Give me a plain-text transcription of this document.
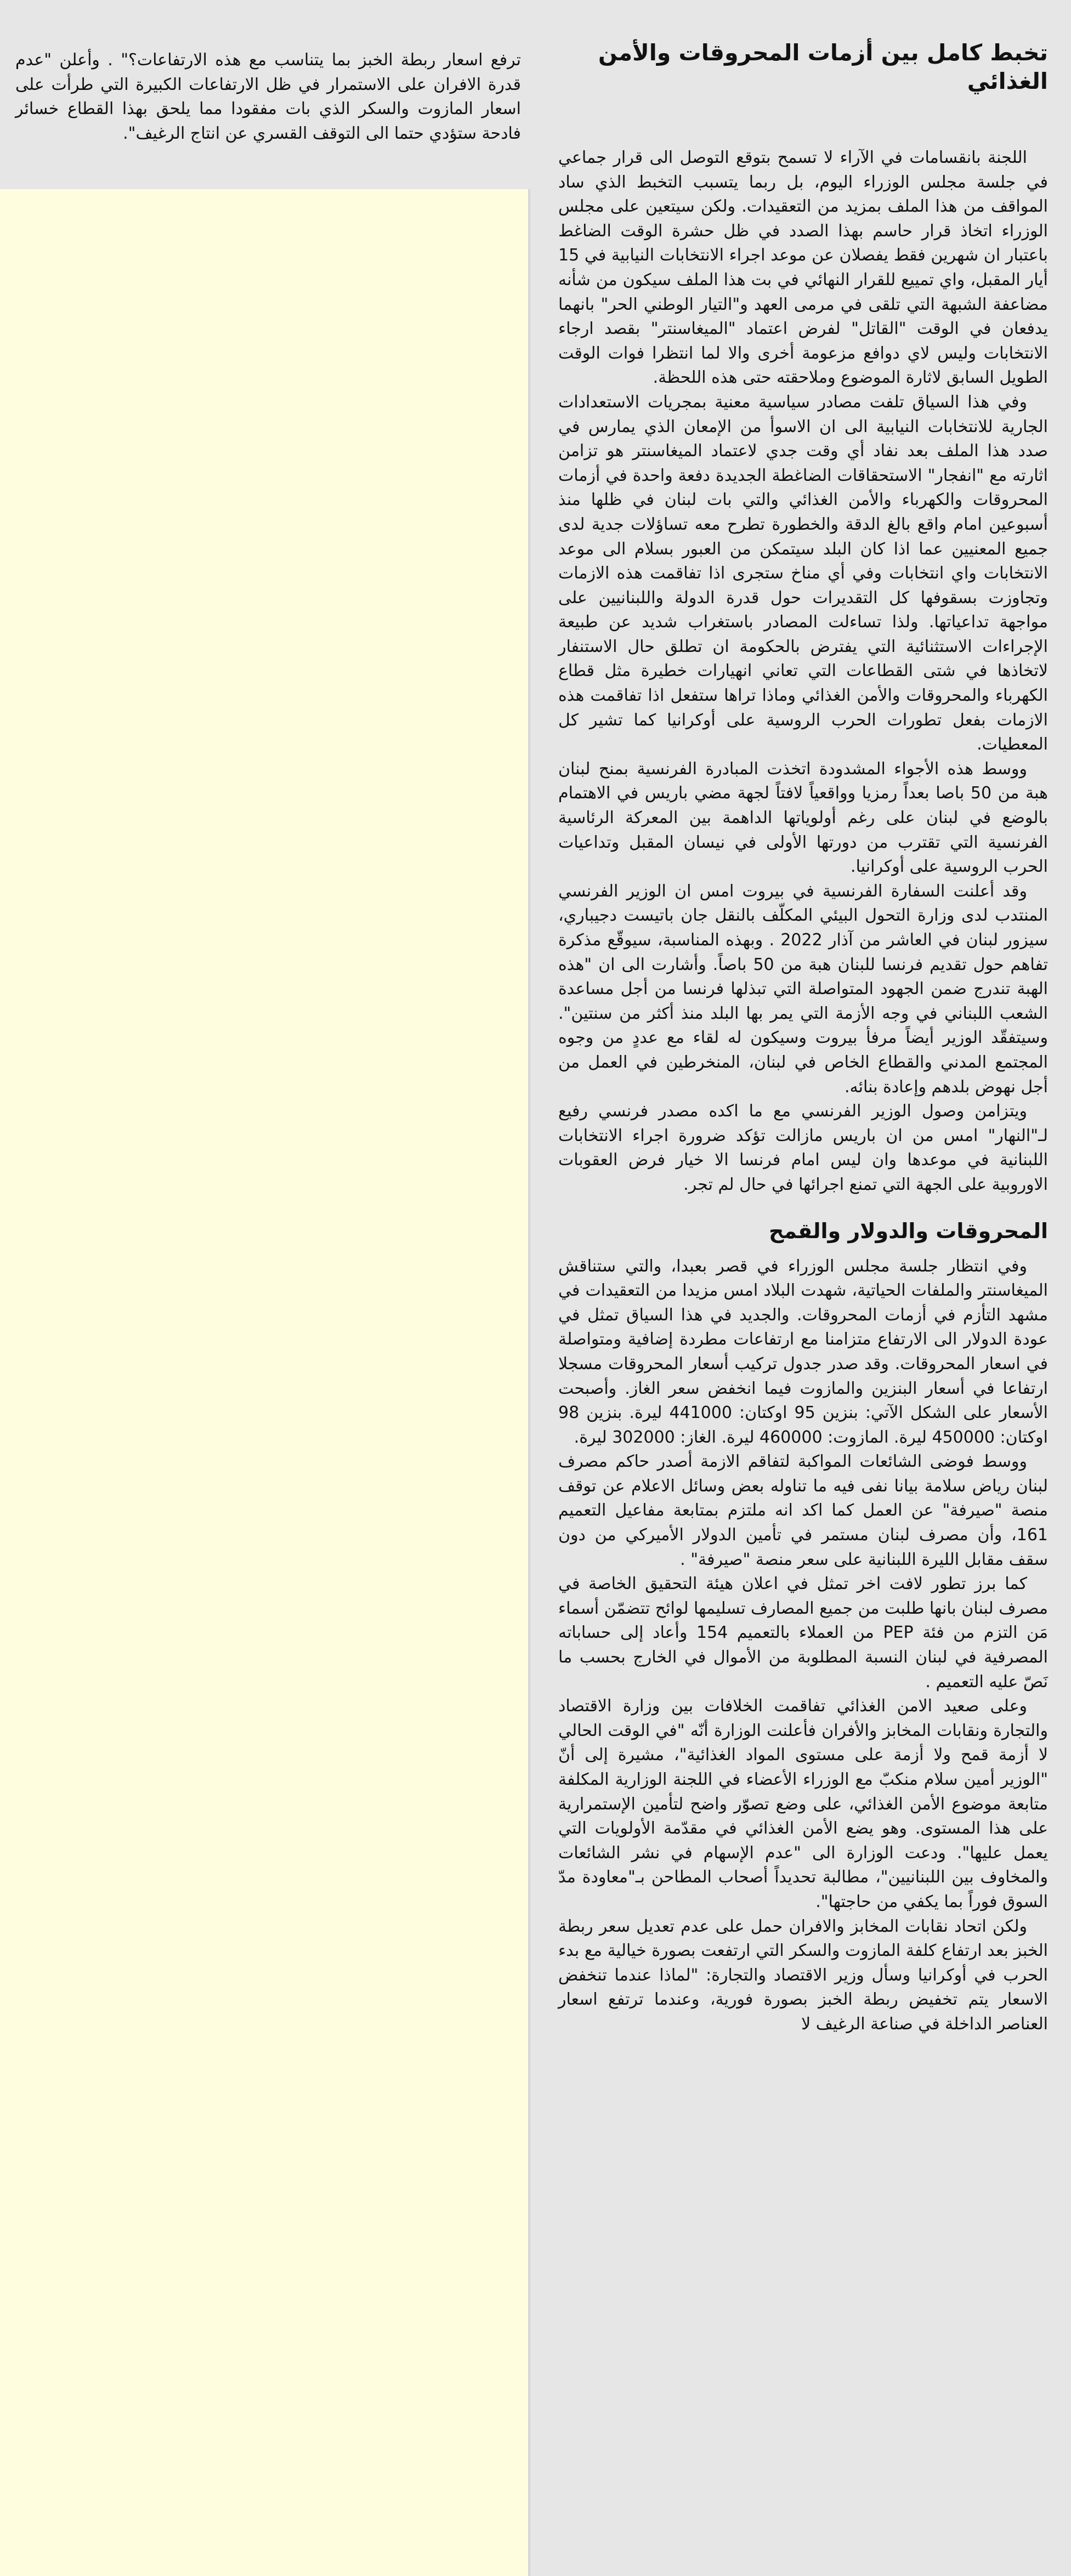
تخبط كامل بين أزمات المحروقات والأمن الغذائي

اللجنة بانقسامات في الآراء لا تسمح بتوقع التوصل الى قرار جماعي في جلسة مجلس الوزراء اليوم، بل ربما يتسبب التخبط الذي ساد المواقف من هذا الملف بمزيد من التعقيدات. ولكن سيتعين على مجلس الوزراء اتخاذ قرار حاسم بهذا الصدد في ظل حشرة الوقت الضاغط باعتبار ان شهرين فقط يفصلان عن موعد اجراء الانتخابات النيابية في 15 أيار المقبل، واي تمييع للقرار النهائي في بت هذا الملف سيكون من شأنه مضاعفة الشبهة التي تلقى في مرمى العهد و"التيار الوطني الحر" بانهما يدفعان في الوقت "القاتل" لفرض اعتماد "الميغاسنتر" بقصد ارجاء الانتخابات وليس لاي دوافع مزعومة أخرى والا لما انتظرا فوات الوقت الطويل السابق لاثارة الموضوع وملاحقته حتى هذه اللحظة.

وفي هذا السياق تلفت مصادر سياسية معنية بمجريات الاستعدادات الجارية للانتخابات النيابية الى ان الاسوأ من الإمعان الذي يمارس في صدد هذا الملف بعد نفاد أي وقت جدي لاعتماد الميغاسنتر هو تزامن اثارته مع "انفجار" الاستحقاقات الضاغطة الجديدة دفعة واحدة في أزمات المحروقات والكهرباء والأمن الغذائي والتي بات لبنان في ظلها منذ أسبوعين امام واقع بالغ الدقة والخطورة تطرح معه تساؤلات جدية لدى جميع المعنيين عما اذا كان البلد سيتمكن من العبور بسلام الى موعد الانتخابات واي انتخابات وفي أي مناخ ستجرى اذا تفاقمت هذه الازمات وتجاوزت بسقوفها كل التقديرات حول قدرة الدولة واللبنانيين على مواجهة تداعياتها. ولذا تساءلت المصادر باستغراب شديد عن طبيعة الإجراءات الاستثنائية التي يفترض بالحكومة ان تطلق حال الاستنفار لاتخاذها في شتى القطاعات التي تعاني انهيارات خطيرة مثل قطاع الكهرباء والمحروقات والأمن الغذائي وماذا تراها ستفعل اذا تفاقمت هذه الازمات بفعل تطورات الحرب الروسية على أوكرانيا كما تشير كل المعطيات.

ووسط هذه الأجواء المشدودة اتخذت المبادرة الفرنسية بمنح لبنان هبة من 50 باصا بعداً رمزيا وواقعياً لافتاً لجهة مضي باريس في الاهتمام بالوضع في لبنان على رغم أولوياتها الداهمة بين المعركة الرئاسية الفرنسية التي تقترب من دورتها الأولى في نيسان المقبل وتداعيات الحرب الروسية على أوكرانيا.

وقد أعلنت السفارة الفرنسية في بيروت امس ان الوزير الفرنسي المنتدب لدى وزارة التحول البيئي المكلّف بالنقل جان باتيست دجيباري، سيزور لبنان في العاشر من آذار 2022 . وبهذه المناسبة، سيوقّع مذكرة تفاهم حول تقديم فرنسا للبنان هبة من 50 باصاً. وأشارت الى ان "هذه الهبة تندرج ضمن الجهود المتواصلة التي تبذلها فرنسا من أجل مساعدة الشعب اللبناني في وجه الأزمة التي يمر بها البلد منذ أكثر من سنتين". وسيتفقّد الوزير أيضاً مرفأ بيروت وسيكون له لقاء مع عددٍ من وجوه المجتمع المدني والقطاع الخاص في لبنان، المنخرطين في العمل من أجل نهوض بلدهم وإعادة بنائه.

ويتزامن وصول الوزير الفرنسي مع ما اكده مصدر فرنسي رفيع لـ"النهار" امس من ان باريس مازالت تؤكد ضرورة اجراء الانتخابات اللبنانية في موعدها وان ليس امام فرنسا الا خيار فرض العقوبات الاوروبية على الجهة التي تمنع اجرائها في حال لم تجر.

المحروقات والدولار والقمح

وفي انتظار جلسة مجلس الوزراء في قصر بعبدا، والتي ستناقش الميغاسنتر والملفات الحياتية، شهدت البلاد امس مزيدا من التعقيدات في مشهد التأزم في أزمات المحروقات. والجديد في هذا السياق تمثل في عودة الدولار الى الارتفاع متزامنا مع ارتفاعات مطردة إضافية ومتواصلة في اسعار المحروقات. وقد صدر جدول تركيب أسعار المحروقات مسجلا ارتفاعا في أسعار البنزين والمازوت فيما انخفض سعر الغاز. وأصبحت الأسعار على الشكل الآتي: بنزين 95 اوكتان: 441000 ليرة. بنزين 98 اوكتان: 450000 ليرة. المازوت: 460000 ليرة. الغاز: 302000 ليرة.

ووسط فوضى الشائعات المواكبة لتفاقم الازمة أصدر حاكم مصرف لبنان رياض سلامة بيانا نفى فيه ما تناوله بعض وسائل الاعلام عن توقف منصة "صيرفة" عن العمل كما اكد انه ملتزم بمتابعة مفاعيل التعميم 161، وأن مصرف لبنان مستمر في تأمين الدولار الأميركي من دون سقف مقابل الليرة اللبنانية على سعر منصة "صيرفة" .

كما برز تطور لافت اخر تمثل في اعلان هيئة التحقيق الخاصة في مصرف لبنان بانها طلبت من جميع المصارف تسليمها لوائح تتضمّن أسماء مَن التزم من فئة PEP من العملاء بالتعميم 154 وأعاد إلى حساباته المصرفية في لبنان النسبة المطلوبة من الأموال في الخارج بحسب ما نَصّ عليه التعميم .

وعلى صعيد الامن الغذائي تفاقمت الخلافات بين وزارة الاقتصاد والتجارة ونقابات المخابز والأفران فأعلنت الوزارة أنّه "في الوقت الحالي لا أزمة قمح ولا أزمة على مستوى المواد الغذائية"، مشيرة إلى أنّ "الوزير أمين سلام منكبّ مع الوزراء الأعضاء في اللجنة الوزارية المكلفة متابعة موضوع الأمن الغذائي، على وضع تصوّر واضح لتأمين الإستمرارية على هذا المستوى. وهو يضع الأمن الغذائي في مقدّمة الأولويات التي يعمل عليها". ودعت الوزارة الى "عدم الإسهام في نشر الشائعات والمخاوف بين اللبنانيين"، مطالبة تحديداً أصحاب المطاحن بـ"معاودة مدّ السوق فوراً بما يكفي من حاجتها".

ولكن اتحاد نقابات المخابز والافران حمل على عدم تعديل سعر ربطة الخبز بعد ارتفاع كلفة المازوت والسكر التي ارتفعت بصورة خيالية مع بدء الحرب في أوكرانيا وسأل وزير الاقتصاد والتجارة: "لماذا عندما تنخفض الاسعار يتم تخفيض ربطة الخبز بصورة فورية، وعندما ترتفع اسعار العناصر الداخلة في صناعة الرغيف لا

ترفع اسعار ربطة الخبز بما يتناسب مع هذه الارتفاعات؟" . وأعلن "عدم قدرة الافران على الاستمرار في ظل الارتفاعات الكبيرة التي طرأت على اسعار المازوت والسكر الذي بات مفقودا مما يلحق بهذا القطاع خسائر فادحة ستؤدي حتما الى التوقف القسري عن انتاج الرغيف".
